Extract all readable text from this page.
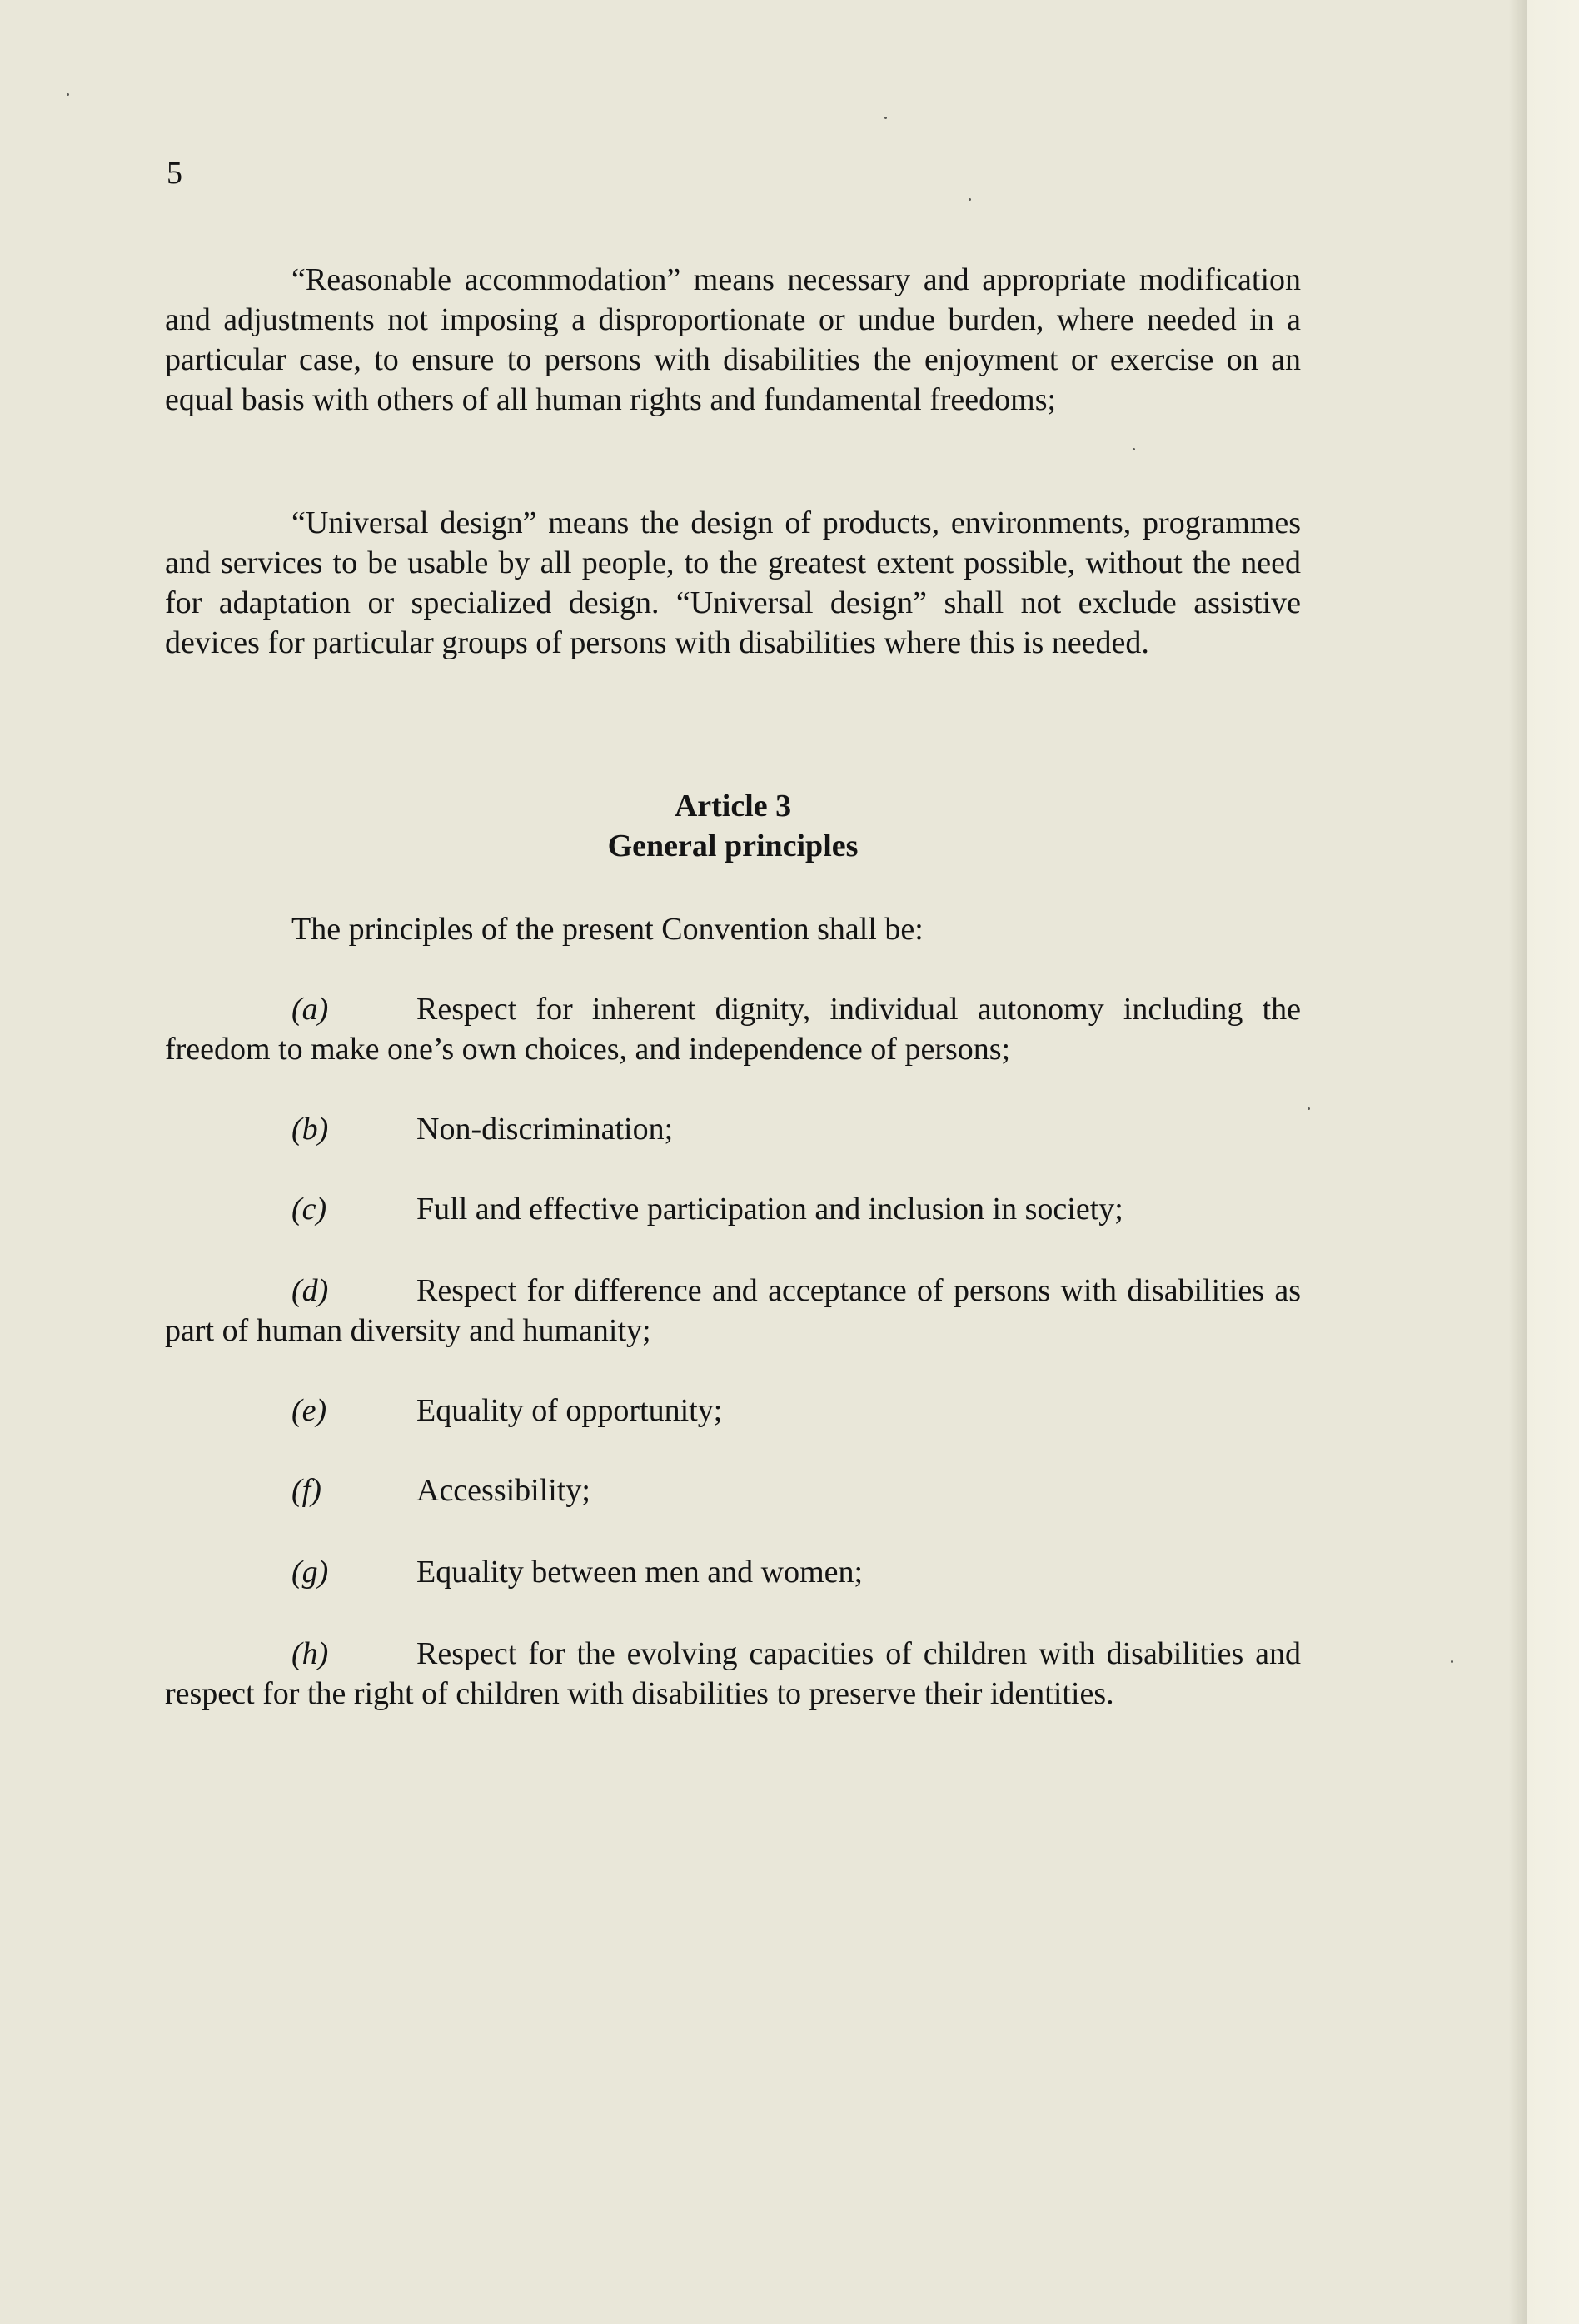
5

“Reasonable accommodation” means necessary and appropriate modification and adjustments not imposing a disproportionate or undue burden, where needed in a particular case, to ensure to persons with disabilities the enjoyment or exercise on an equal basis with others of all human rights and fundamental freedoms;

“Universal design” means the design of products, environments, programmes and services to be usable by all people, to the greatest extent possible, without the need for adaptation or specialized design. “Universal design” shall not exclude assistive devices for particular groups of persons with disabilities where this is needed.

Article 3
General principles

The principles of the present Convention shall be:

(a)	Respect for inherent dignity, individual autonomy including the freedom to make one’s own choices, and independence of persons;

(b)	Non-discrimination;

(c)	Full and effective participation and inclusion in society;

(d)	Respect for difference and acceptance of persons with disabilities as part of human diversity and humanity;

(e)	Equality of opportunity;

(f)	Accessibility;

(g)	Equality between men and women;

(h)	Respect for the evolving capacities of children with disabilities and respect for the right of children with disabilities to preserve their identities.
